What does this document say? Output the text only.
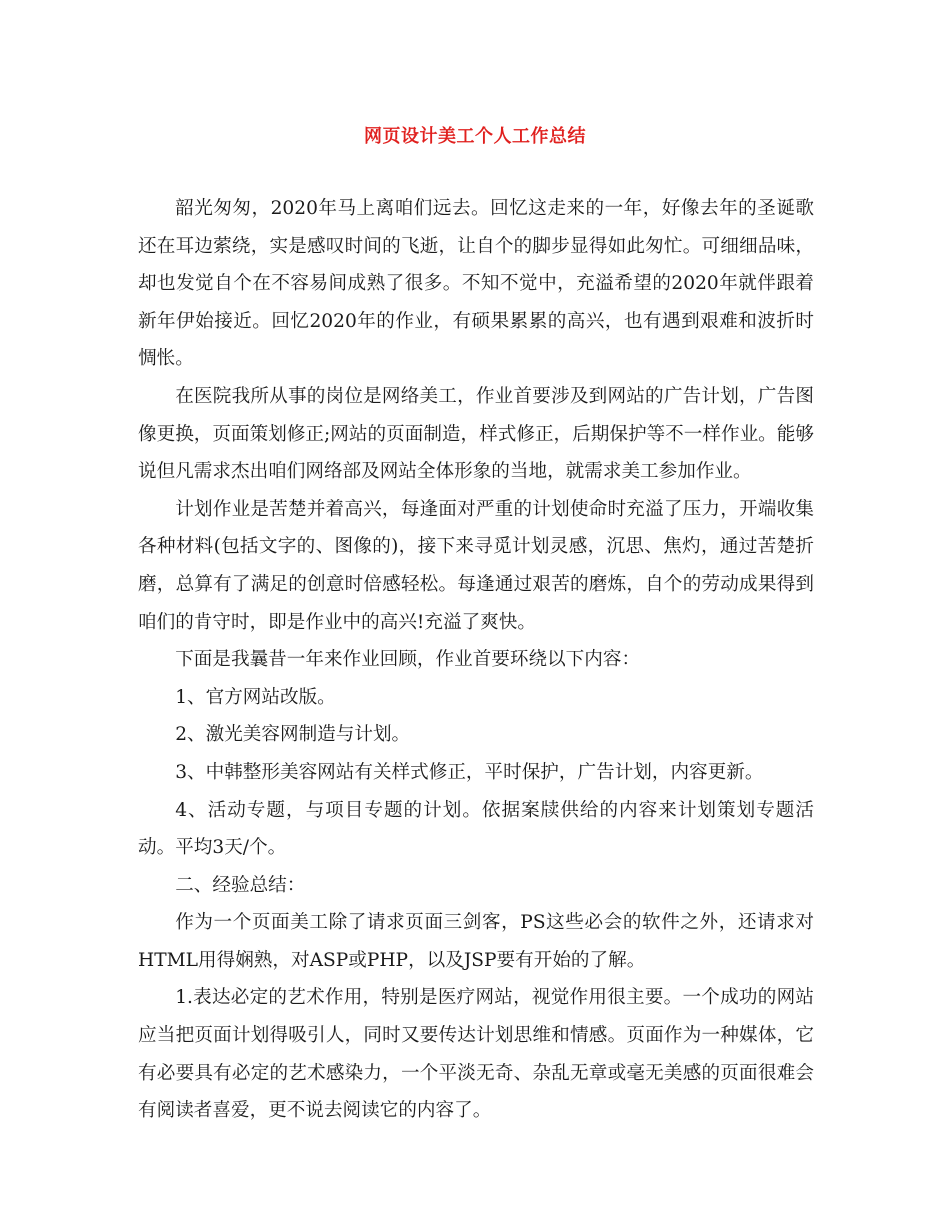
网页设计美工个人工作总结

韶光匆匆，2020年马上离咱们远去。回忆这走来的一年，好像去年的圣诞歌还在耳边萦绕，实是感叹时间的飞逝，让自个的脚步显得如此匆忙。可细细品味，却也发觉自个在不容易间成熟了很多。不知不觉中，充溢希望的2020年就伴跟着新年伊始接近。回忆2020年的作业，有硕果累累的高兴，也有遇到艰难和波折时惆怅。

在医院我所从事的岗位是网络美工，作业首要涉及到网站的广告计划，广告图像更换，页面策划修正;网站的页面制造，样式修正，后期保护等不一样作业。能够说但凡需求杰出咱们网络部及网站全体形象的当地，就需求美工参加作业。

计划作业是苦楚并着高兴，每逢面对严重的计划使命时充溢了压力，开端收集各种材料(包括文字的、图像的)，接下来寻觅计划灵感，沉思、焦灼，通过苦楚折磨，总算有了满足的创意时倍感轻松。每逢通过艰苦的磨炼，自个的劳动成果得到咱们的肯守时，即是作业中的高兴!充溢了爽快。

下面是我曩昔一年来作业回顾，作业首要环绕以下内容：

1、官方网站改版。

2、激光美容网制造与计划。

3、中韩整形美容网站有关样式修正，平时保护，广告计划，内容更新。

4、活动专题，与项目专题的计划。依据案牍供给的内容来计划策划专题活动。平均3天/个。

二、经验总结：

作为一个页面美工除了请求页面三剑客，PS这些必会的软件之外，还请求对HTML用得娴熟，对ASP或PHP，以及JSP要有开始的了解。

1.表达必定的艺术作用，特别是医疗网站，视觉作用很主要。一个成功的网站应当把页面计划得吸引人，同时又要传达计划思维和情感。页面作为一种媒体，它有必要具有必定的艺术感染力，一个平淡无奇、杂乱无章或毫无美感的页面很难会有阅读者喜爱，更不说去阅读它的内容了。
